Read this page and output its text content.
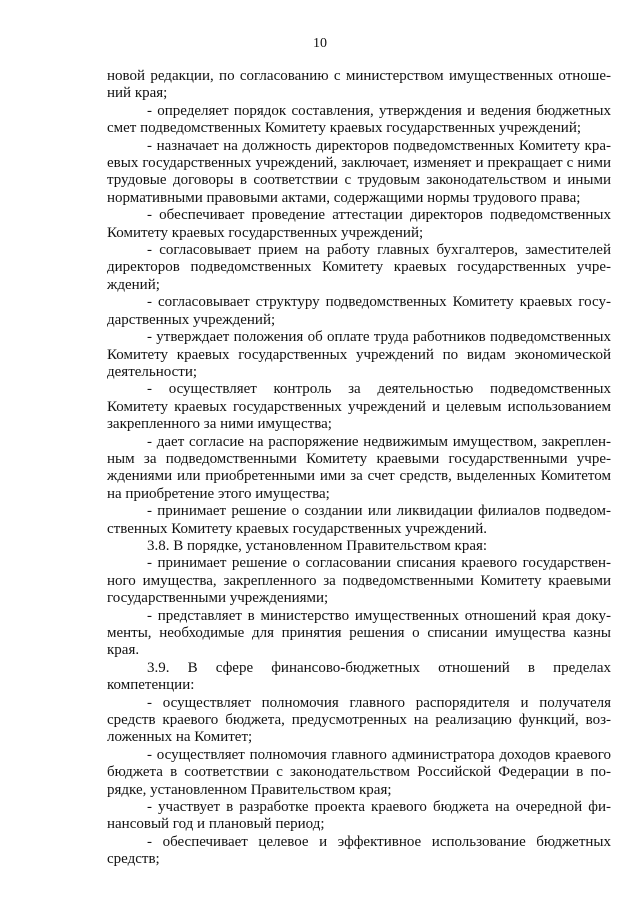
10

новой редакции, по согласованию с министерством имущественных отношений края;

- определяет порядок составления, утверждения и ведения бюджетных смет подведомственных Комитету краевых государственных учреждений;

- назначает на должность директоров подведомственных Комитету краевых государственных учреждений, заключает, изменяет и прекращает с ними трудовые договоры в соответствии с трудовым законодательством и иными нормативными правовыми актами, содержащими нормы трудового права;

- обеспечивает проведение аттестации директоров подведомственных Комитету краевых государственных учреждений;

- согласовывает прием на работу главных бухгалтеров, заместителей директоров подведомственных Комитету краевых государственных учреждений;

- согласовывает структуру подведомственных Комитету краевых государственных учреждений;

- утверждает положения об оплате труда работников подведомственных Комитету краевых государственных учреждений по видам экономической деятельности;

- осуществляет контроль за деятельностью подведомственных Комитету краевых государственных учреждений и целевым использованием закрепленного за ними имущества;

- дает согласие на распоряжение недвижимым имуществом, закрепленным за подведомственными Комитету краевыми государственными учреждениями или приобретенными ими за счет средств, выделенных Комитетом на приобретение этого имущества;

- принимает решение о создании или ликвидации филиалов подведомственных Комитету краевых государственных учреждений.

3.8. В порядке, установленном Правительством края:

- принимает решение о согласовании списания краевого государственного имущества, закрепленного за подведомственными Комитету краевыми государственными учреждениями;

- представляет в министерство имущественных отношений края документы, необходимые для принятия решения о списании имущества казны края.

3.9. В сфере финансово-бюджетных отношений в пределах компетенции:

- осуществляет полномочия главного распорядителя и получателя средств краевого бюджета, предусмотренных на реализацию функций, возложенных на Комитет;

- осуществляет полномочия главного администратора доходов краевого бюджета в соответствии с законодательством Российской Федерации в порядке, установленном Правительством края;

- участвует в разработке проекта краевого бюджета на очередной финансовый год и плановый период;

- обеспечивает целевое и эффективное использование бюджетных средств;
